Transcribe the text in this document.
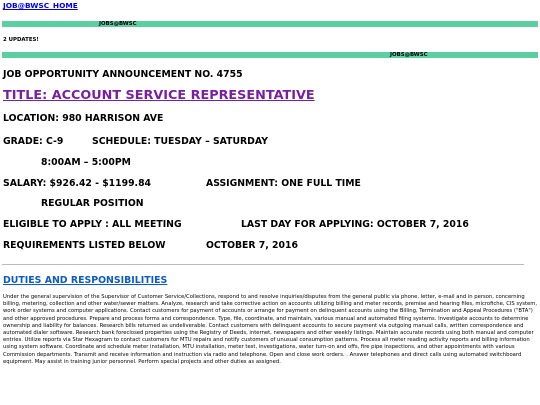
JOB@BWSC_HOME
JOBS@BWSC
2 UPDATES!
JOBS@BWSC
JOB OPPORTUNITY ANNOUNCEMENT NO. 4755
TITLE: ACCOUNT SERVICE REPRESENTATIVE
LOCATION: 980 HARRISON AVE
GRADE: C-9	SCHEDULE: TUESDAY – SATURDAY
8:00AM – 5:00PM
SALARY: $926.42 - $1199.84	ASSIGNMENT: ONE FULL TIME
REGULAR POSITION
ELIGIBLE TO APPLY : ALL MEETING	LAST DAY FOR APPLYING: OCTOBER 7, 2016
REQUIREMENTS LISTED BELOW	OCTOBER 7, 2016
DUTIES AND RESPONSIBILITIES

Under the general supervision of the Supervisor of Customer Service/Collections, respond to and resolve inquiries/disputes from the general public via phone, letter, e-mail and in person, concerning billing, metering, collection and other water/sewer matters. Analyze, research and take corrective action on accounts utilizing billing and meter records, premise and hearing files, microfiche, CIS system, work order systems and computer applications. Contact customers for payment of accounts or arrange for payment on delinquent accounts using the Billing, Termination and Appeal Procedures ("BTA") and other approved procedures. Prepare and process forms and correspondence. Type, file, coordinate, and maintain, various manual and automated filing systems. Investigate accounts to determine ownership and liability for balances. Research bills returned as undeliverable. Contact customers with delinquent accounts to secure payment via outgoing manual calls, written correspondence and automated dialer software. Research bank foreclosed properties using the Registry of Deeds, internet, newspapers and other weekly listings. Maintain accurate records using both manual and computer entries. Utilize reports via Star Hexagram to contact customers for MTU repairs and notify customers of unusual consumption patterns. Process all meter reading activity reports and billing information using system software. Coordinate and schedule meter installation, MTU installation, meter test, investigations, water turn-on and offs, fire pipe inspections, and other appointments with various Commission departments. Transmit and receive information and instruction via radio and telephone. Open and close work orders. . Answer telephones and direct calls using automated switchboard equipment. May assist in training junior personnel. Perform special projects and other duties as assigned.
